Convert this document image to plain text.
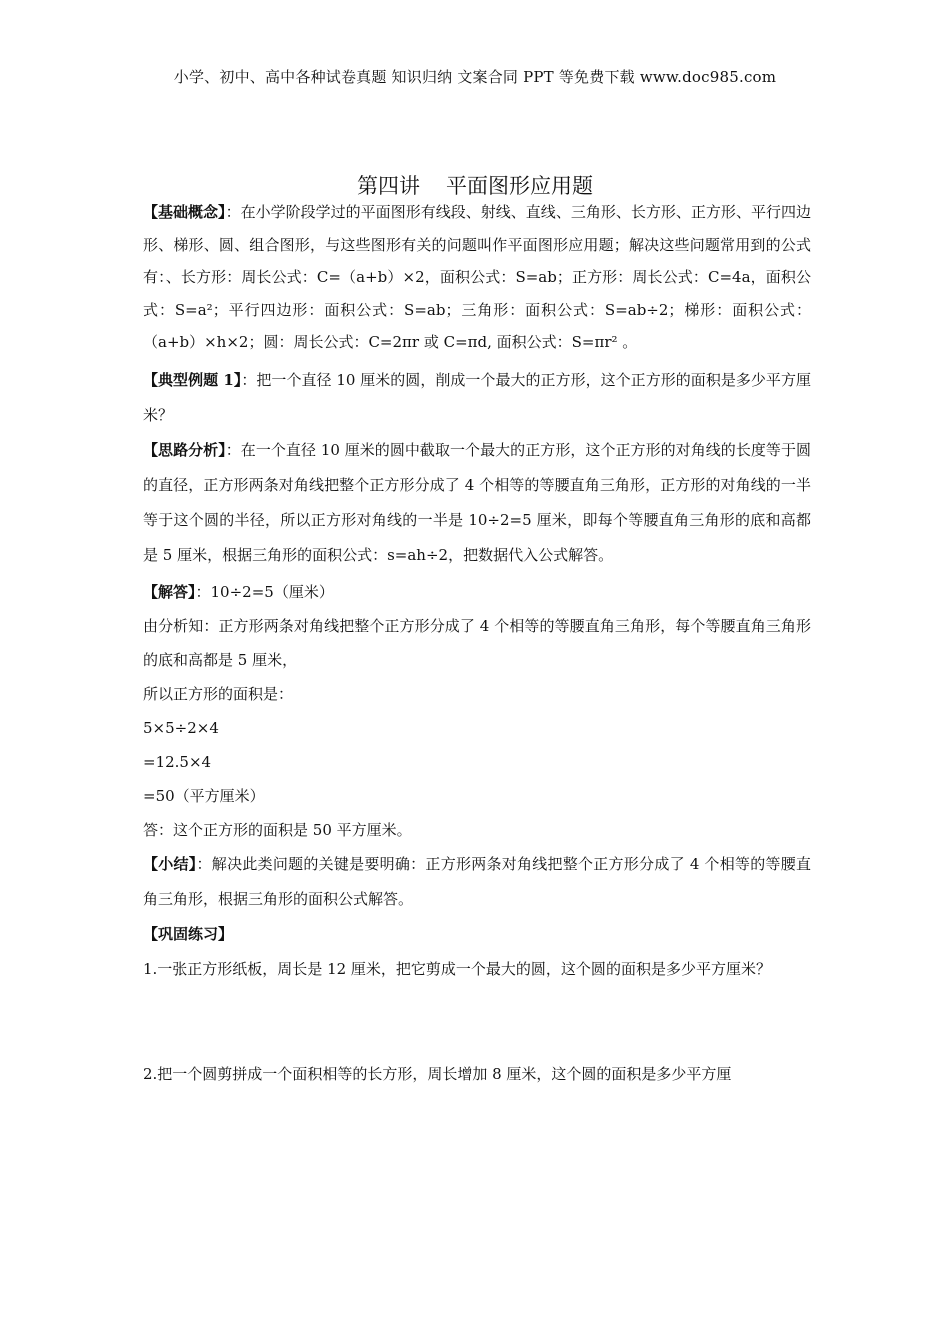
小学、初中、高中各种试卷真题 知识归纳 文案合同 PPT 等免费下载 www.doc985.com
第四讲 平面图形应用题
【基础概念】：在小学阶段学过的平面图形有线段、射线、直线、三角形、长方形、正方形、平行四边形、梯形、圆、组合图形，与这些图形有关的问题叫作平面图形应用题；解决这些问题常用到的公式有：、长方形：周长公式：C=（a+b）×2，面积公式：S=ab；正方形：周长公式：C=4a，面积公式：S=a²；平行四边形：面积公式：S=ab；三角形：面积公式：S=ab÷2；梯形：面积公式：（a+b）×h×2；圆：周长公式：C=2πr 或 C=πd, 面积公式：S=πr² 。
【典型例题 1】：把一个直径 10 厘米的圆，削成一个最大的正方形，这个正方形的面积是多少平方厘米？
【思路分析】：在一个直径 10 厘米的圆中截取一个最大的正方形，这个正方形的对角线的长度等于圆的直径，正方形两条对角线把整个正方形分成了 4 个相等的等腰直角三角形，正方形的对角线的一半等于这个圆的半径，所以正方形对角线的一半是 10÷2=5 厘米，即每个等腰直角三角形的底和高都是 5 厘米，根据三角形的面积公式：s=ah÷2，把数据代入公式解答。
【解答】：10÷2=5（厘米）
由分析知：正方形两条对角线把整个正方形分成了 4 个相等的等腰直角三角形，每个等腰直角三角形的底和高都是 5 厘米，
所以正方形的面积是：
5×5÷2×4
=12.5×4
=50（平方厘米）
答：这个正方形的面积是 50 平方厘米。
【小结】：解决此类问题的关键是要明确：正方形两条对角线把整个正方形分成了 4 个相等的等腰直角三角形，根据三角形的面积公式解答。
【巩固练习】
1.一张正方形纸板，周长是 12 厘米，把它剪成一个最大的圆，这个圆的面积是多少平方厘米？
2.把一个圆剪拼成一个面积相等的长方形，周长增加 8 厘米，这个圆的面积是多少平方厘
